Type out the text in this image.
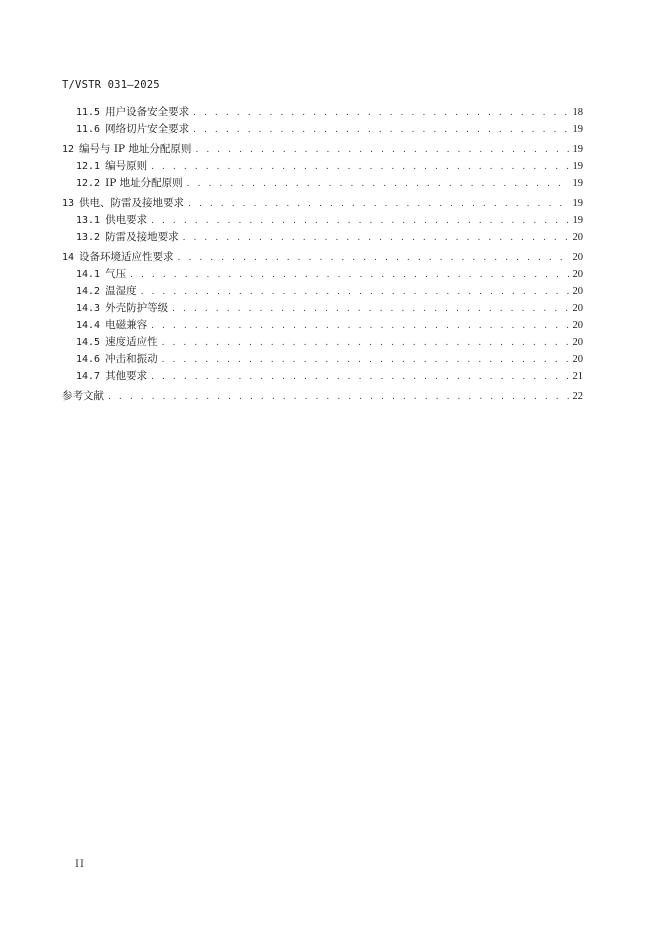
T/VSTR 031—2025
11.5 用户设备安全要求 . . .	18
11.6 网络切片安全要求 . . .	19
12 编号与 IP 地址分配原则 . . .	19
12.1 编号原则 . . .	19
12.2 IP 地址分配原则 . . .	19
13 供电、防雷及接地要求 . . .	19
13.1 供电要求 . . .	19
13.2 防雷及接地要求 . . .	20
14 设备环境适应性要求 . . .	20
14.1 气压 . . .	20
14.2 温湿度 . . .	20
14.3 外壳防护等级 . . .	20
14.4 电磁兼容 . . .	20
14.5 速度适应性 . . .	20
14.6 冲击和振动 . . .	20
14.7 其他要求 . . .	21
参考文献 . . .	22
II
